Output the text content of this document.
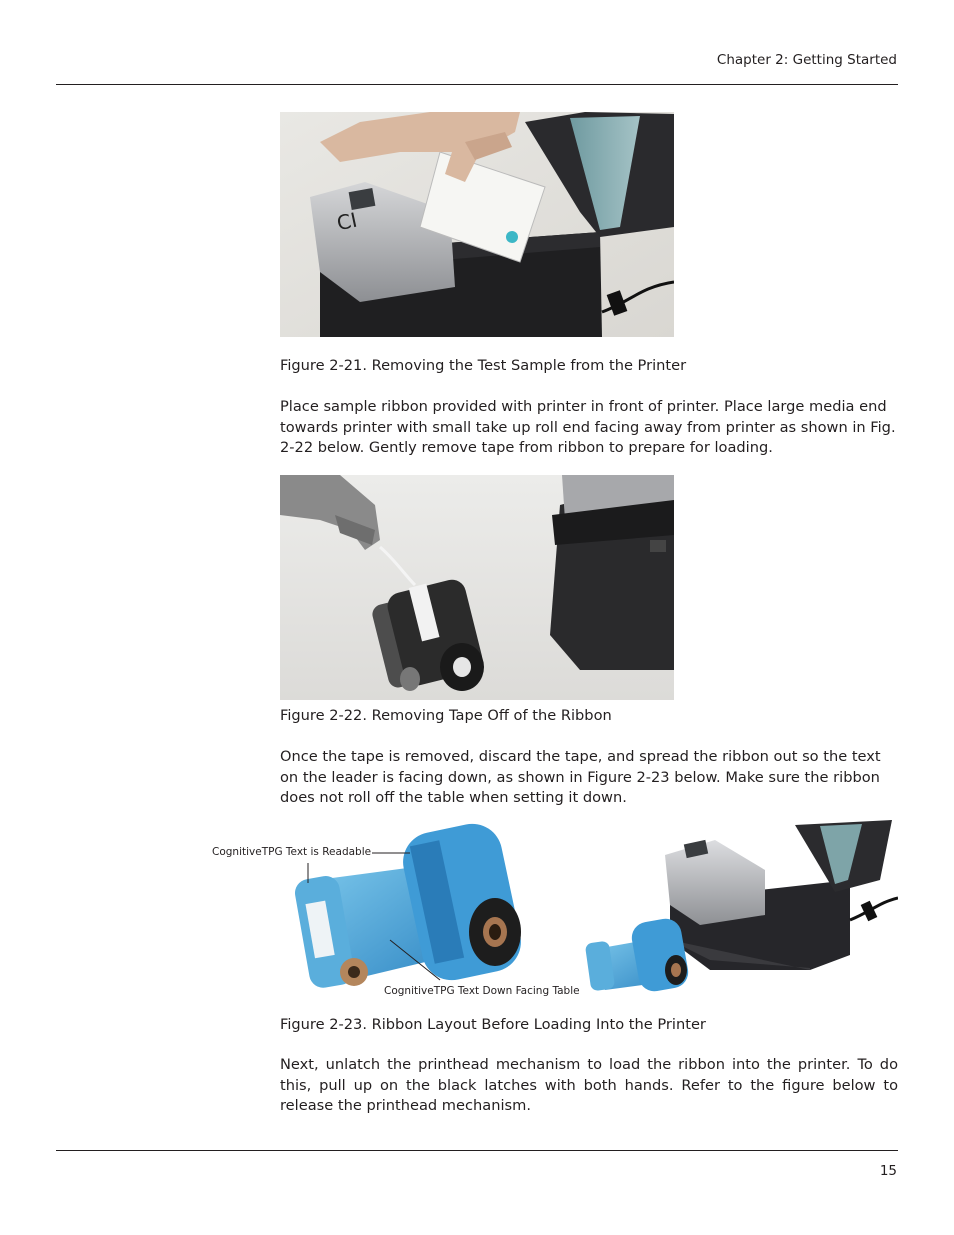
Chapter 2: Getting Started
CI
Figure 2-21. Removing the Test Sample from the Printer
Place sample ribbon provided with printer in front of printer. Place large media end towards printer with small take up roll end facing away from printer as shown in Fig. 2-22 below. Gently remove tape from ribbon to prepare for loading.
Figure 2-22. Removing Tape Off of the Ribbon
Once the tape is removed, discard the tape, and spread the ribbon out so the text on the leader is facing down, as shown in Figure 2-23 below. Make sure the ribbon does not roll off the table when setting it down.
CognitiveTPG Text is Readable
CognitiveTPG Text Down Facing Table
Figure 2-23. Ribbon Layout Before Loading Into the Printer
Next, unlatch the printhead mechanism to load the ribbon into the printer. To do this, pull up on the black latches with both hands. Refer to the figure below to release the printhead mechanism.
15
